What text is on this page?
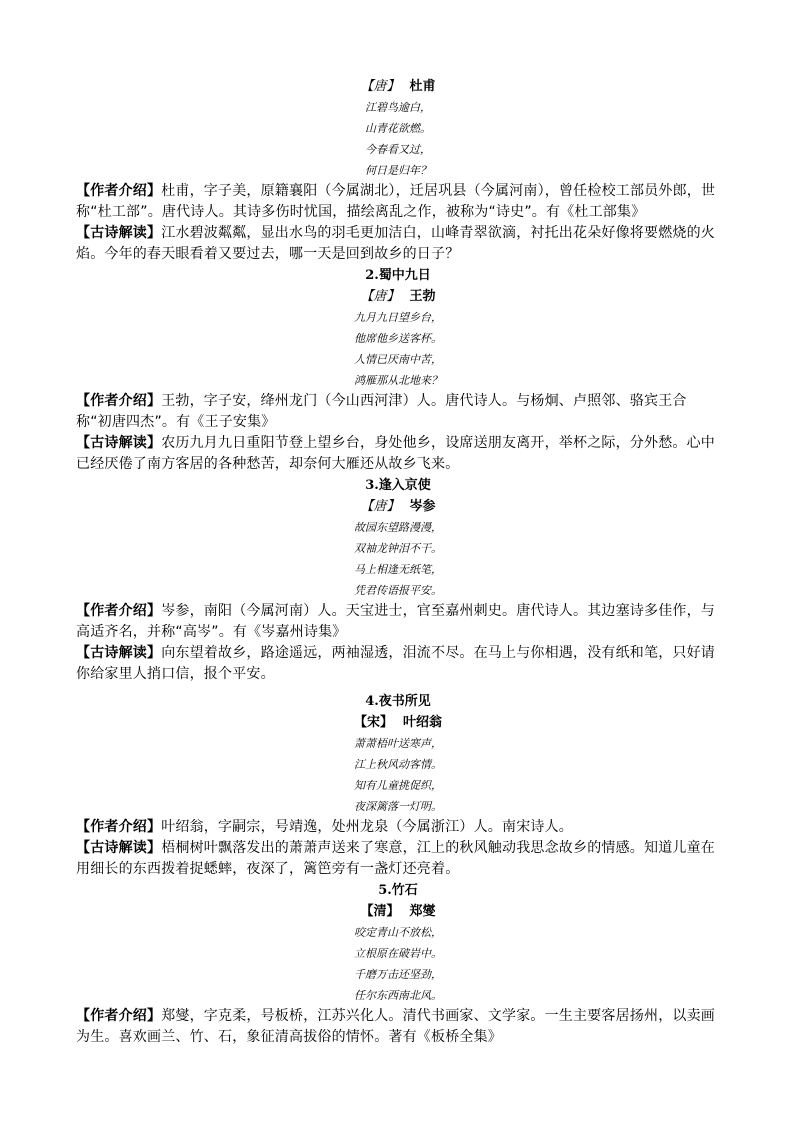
【唐】 杜甫
江碧鸟逾白，
山青花欲燃。
今春看又过，
何日是归年？
【作者介绍】杜甫，字子美，原籍襄阳（今属湖北），迁居巩县（今属河南），曾任检校工部员外郎，世称“杜工部”。唐代诗人。其诗多伤时忧国，描绘离乱之作，被称为“诗史”。有《杜工部集》
【古诗解读】江水碧波粼粼，显出水鸟的羽毛更加洁白，山峰青翠欲滴，衬托出花朵好像将要燃烧的火焰。今年的春天眼看着又要过去，哪一天是回到故乡的日子？
2.蜀中九日
【唐】 王勃
九月九日望乡台，
他席他乡送客杯。
人情已厌南中苦，
鸿雁那从北地来？
【作者介绍】王勃，字子安，绛州龙门（今山西河津）人。唐代诗人。与杨炯、卢照邻、骆宾王合称“初唐四杰”。有《王子安集》
【古诗解读】农历九月九日重阳节登上望乡台，身处他乡，设席送朋友离开，举杯之际，分外愁。心中已经厌倦了南方客居的各种愁苦，却奈何大雁还从故乡飞来。
3.逢入京使
【唐】 岑参
故园东望路漫漫，
双袖龙钟泪不干。
马上相逢无纸笔，
凭君传语报平安。
【作者介绍】岑参，南阳（今属河南）人。天宝进士，官至嘉州刺史。唐代诗人。其边塞诗多佳作，与高适齐名，并称“高岑”。有《岑嘉州诗集》
【古诗解读】向东望着故乡，路途遥远，两袖湿透，泪流不尽。在马上与你相遇，没有纸和笔，只好请你给家里人捎口信，报个平安。
4.夜书所见
【宋】 叶绍翁
萧萧梧叶送寒声，
江上秋风动客情。
知有儿童挑促织，
夜深篱落一灯明。
【作者介绍】叶绍翁，字嗣宗，号靖逸，处州龙泉（今属浙江）人。南宋诗人。
【古诗解读】梧桐树叶飘落发出的萧萧声送来了寒意，江上的秋风触动我思念故乡的情感。知道儿童在用细长的东西拨着捉蟋蟀，夜深了，篱笆旁有一盏灯还亮着。
5.竹石
【清】 郑燮
咬定青山不放松，
立根原在破岩中。
千磨万击还坚劲，
任尔东西南北风。
【作者介绍】郑燮，字克柔，号板桥，江苏兴化人。清代书画家、文学家。一生主要客居扬州，以卖画为生。喜欢画兰、竹、石，象征清高拔俗的情怀。著有《板桥全集》
